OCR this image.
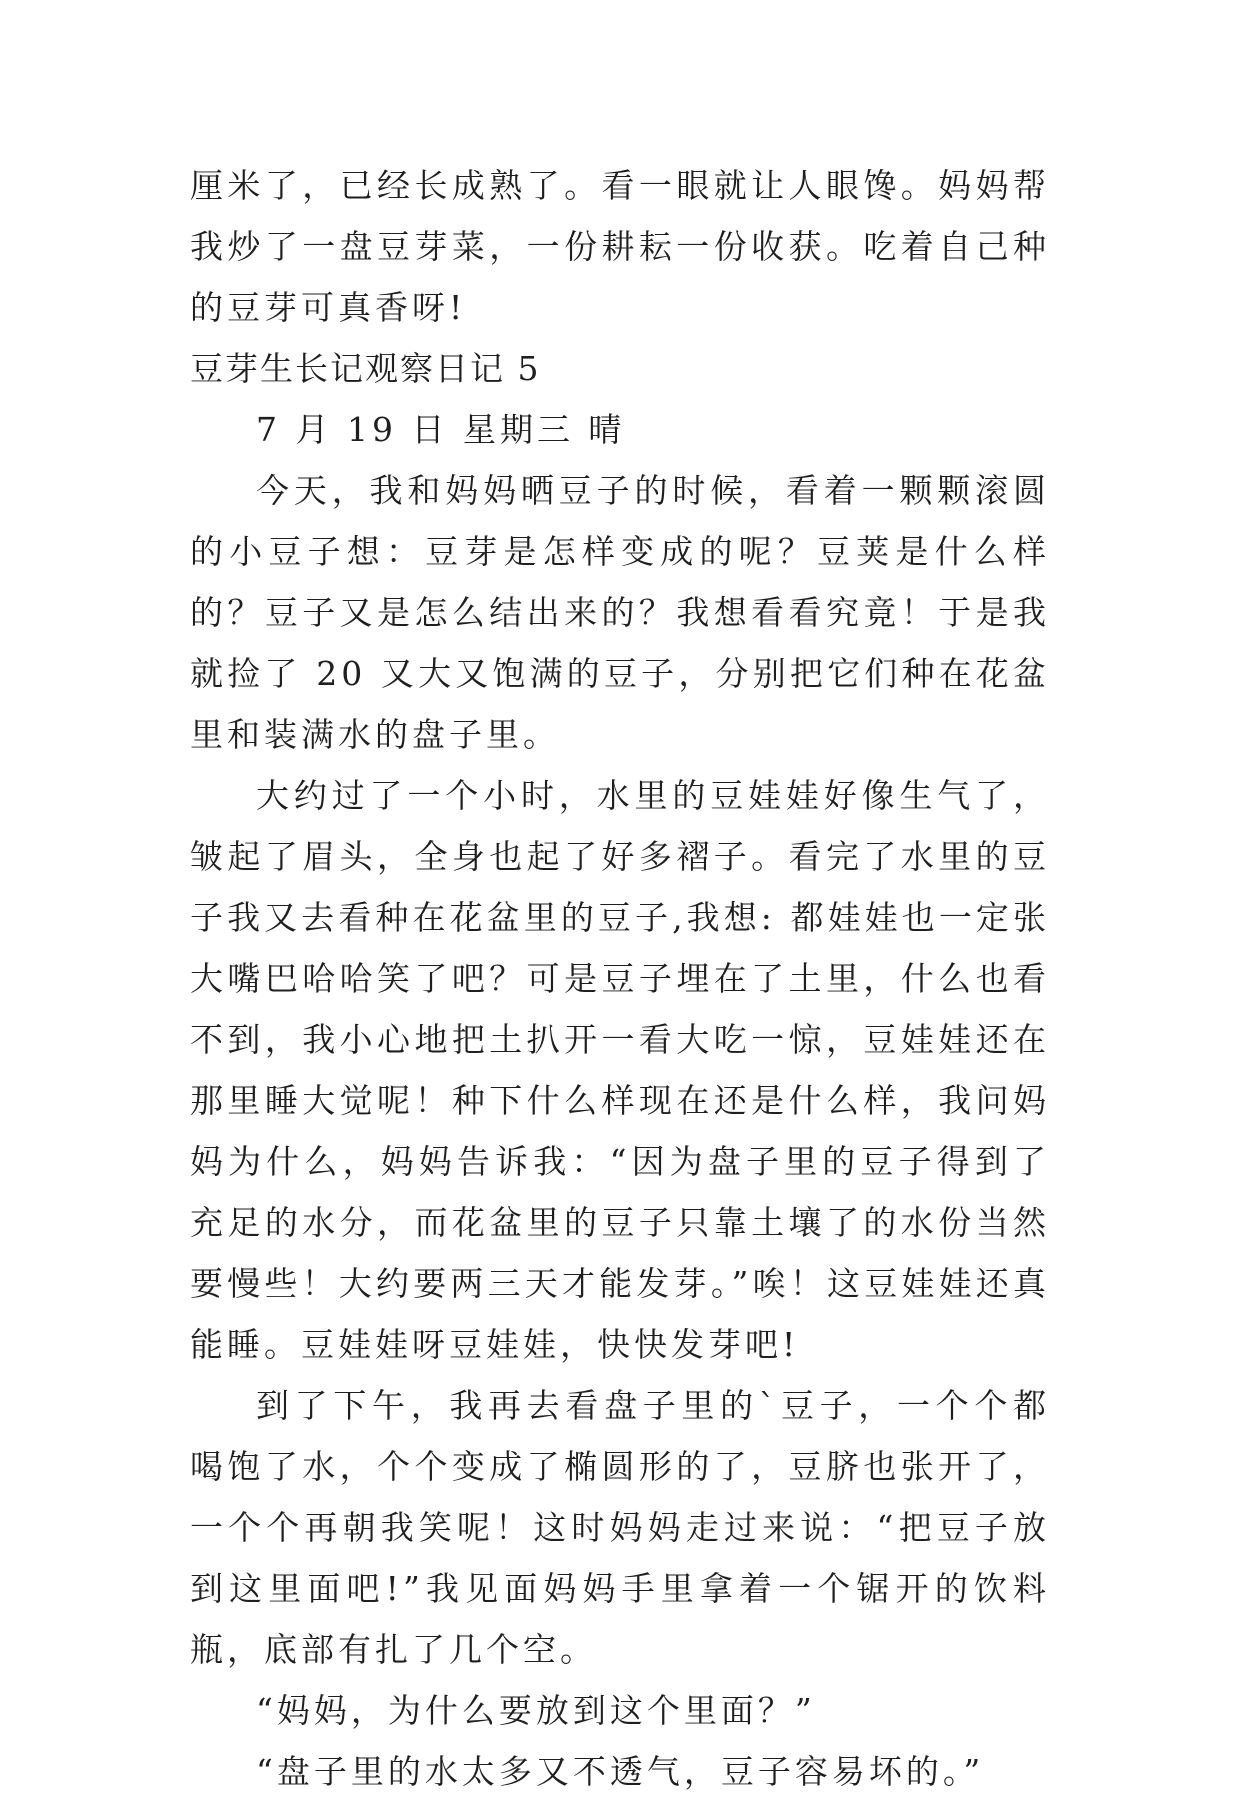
厘米了，已经长成熟了。看一眼就让人眼馋。妈妈帮我炒了一盘豆芽菜，一份耕耘一份收获。吃着自己种的豆芽可真香呀!

豆芽生长记观察日记 5

7 月 19 日 星期三 晴

今天，我和妈妈晒豆子的时候，看着一颗颗滚圆的小豆子想：豆芽是怎样变成的呢？豆荚是什么样的？豆子又是怎么结出来的？我想看看究竟！于是我就捡了 20 又大又饱满的豆子，分别把它们种在花盆里和装满水的盘子里。

大约过了一个小时，水里的豆娃娃好像生气了，皱起了眉头，全身也起了好多褶子。看完了水里的豆子我又去看种在花盆里的豆子,我想: 都娃娃也一定张大嘴巴哈哈笑了吧？可是豆子埋在了土里，什么也看不到，我小心地把土扒开一看大吃一惊，豆娃娃还在那里睡大觉呢！种下什么样现在还是什么样，我问妈妈为什么，妈妈告诉我：“因为盘子里的豆子得到了充足的水分，而花盆里的豆子只靠土壤了的水份当然要慢些！大约要两三天才能发芽。”唉！这豆娃娃还真能睡。豆娃娃呀豆娃娃，快快发芽吧!

到了下午，我再去看盘子里的`豆子，一个个都喝饱了水，个个变成了椭圆形的了，豆脐也张开了，一个个再朝我笑呢！这时妈妈走过来说：“把豆子放到这里面吧!”我见面妈妈手里拿着一个锯开的饮料瓶，底部有扎了几个空。

“妈妈，为什么要放到这个里面？”

“盘子里的水太多又不透气，豆子容易坏的。”
